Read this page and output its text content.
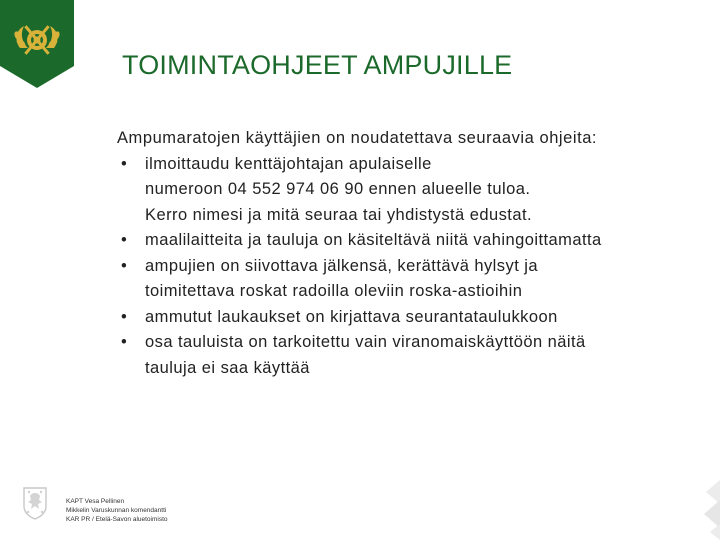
TOIMINTAOHJEET AMPUJILLE

Ampumaratojen käyttäjien on noudatettava seuraavia ohjeita:

• ilmoittaudu kenttäjohtajan apulaiselle
numeroon 04 552 974 06 90 ennen alueelle tuloa.
Kerro nimesi ja mitä seuraa tai yhdistystä edustat.
• maalilaitteita ja tauluja on käsiteltävä niitä vahingoittamatta
• ampujien on siivottava jälkensä, kerättävä hylsyt ja
toimitettava roskat radoilla oleviin roska-astioihin
• ammutut laukaukset on kirjattava seurantataulukkoon
• osa tauluista on tarkoitettu vain viranomaiskäyttöön näitä
tauluja ei saa käyttää
KAPT Vesa Pellinen
Mikkelin Varuskunnan komendantti
KAR PR / Etelä-Savon aluetoimisto
